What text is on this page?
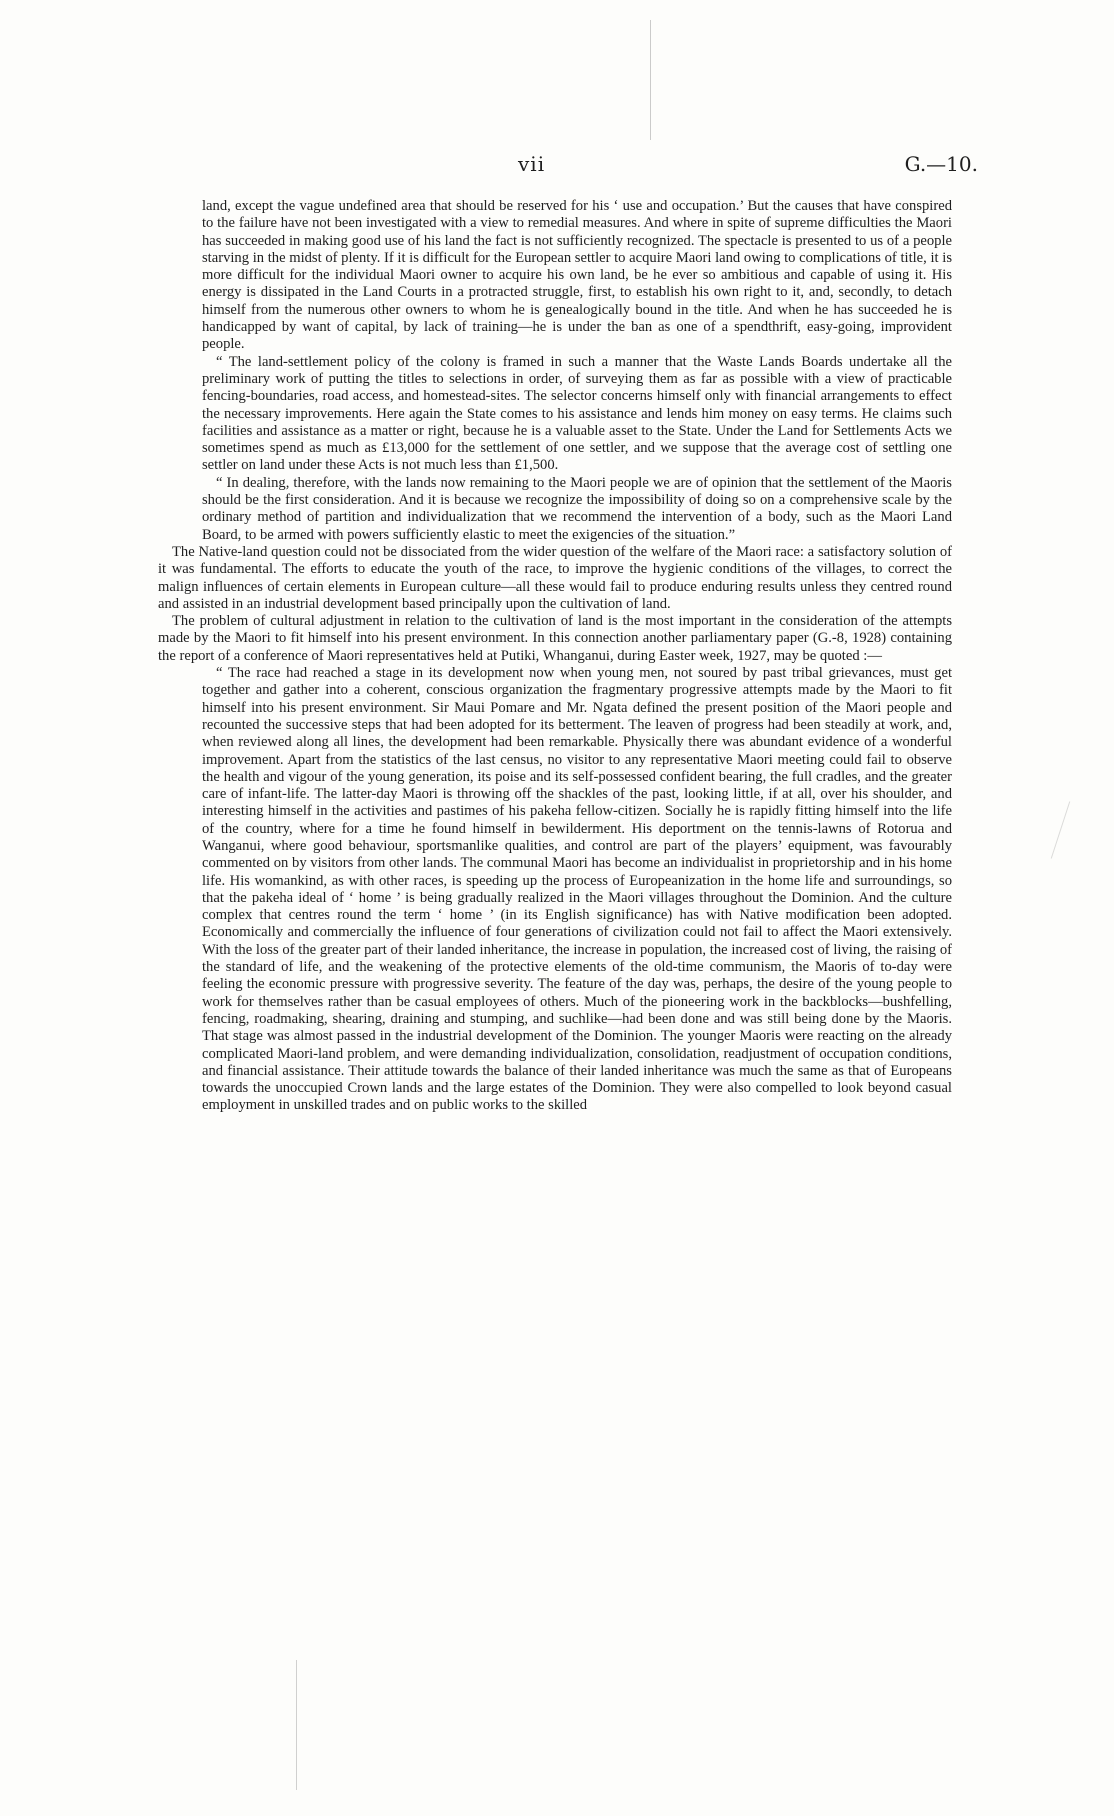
vii	G.—10.

land, except the vague undefined area that should be reserved for his ‘ use and occupation.’ But the causes that have conspired to the failure have not been investigated with a view to remedial measures. And where in spite of supreme difficulties the Maori has succeeded in making good use of his land the fact is not sufficiently recognized. The spectacle is presented to us of a people starving in the midst of plenty. If it is difficult for the European settler to acquire Maori land owing to complications of title, it is more difficult for the individual Maori owner to acquire his own land, be he ever so ambitious and capable of using it. His energy is dissipated in the Land Courts in a protracted struggle, first, to establish his own right to it, and, secondly, to detach himself from the numerous other owners to whom he is genealogically bound in the title. And when he has succeeded he is handicapped by want of capital, by lack of training—he is under the ban as one of a spendthrift, easy-going, improvident people.

“ The land-settlement policy of the colony is framed in such a manner that the Waste Lands Boards undertake all the preliminary work of putting the titles to selections in order, of surveying them as far as possible with a view of practicable fencing-boundaries, road access, and homestead-sites. The selector concerns himself only with financial arrangements to effect the necessary improvements. Here again the State comes to his assistance and lends him money on easy terms. He claims such facilities and assistance as a matter or right, because he is a valuable asset to the State. Under the Land for Settlements Acts we sometimes spend as much as £13,000 for the settlement of one settler, and we suppose that the average cost of settling one settler on land under these Acts is not much less than £1,500.

“ In dealing, therefore, with the lands now remaining to the Maori people we are of opinion that the settlement of the Maoris should be the first consideration. And it is because we recognize the impossibility of doing so on a comprehensive scale by the ordinary method of partition and individualization that we recommend the intervention of a body, such as the Maori Land Board, to be armed with powers sufficiently elastic to meet the exigencies of the situation.”

The Native-land question could not be dissociated from the wider question of the welfare of the Maori race: a satisfactory solution of it was fundamental. The efforts to educate the youth of the race, to improve the hygienic conditions of the villages, to correct the malign influences of certain elements in European culture—all these would fail to produce enduring results unless they centred round and assisted in an industrial development based principally upon the cultivation of land.

The problem of cultural adjustment in relation to the cultivation of land is the most important in the consideration of the attempts made by the Maori to fit himself into his present environment. In this connection another parliamentary paper (G.-8, 1928) containing the report of a conference of Maori representatives held at Putiki, Whanganui, during Easter week, 1927, may be quoted :—

“ The race had reached a stage in its development now when young men, not soured by past tribal grievances, must get together and gather into a coherent, conscious organization the fragmentary progressive attempts made by the Maori to fit himself into his present environment. Sir Maui Pomare and Mr. Ngata defined the present position of the Maori people and recounted the successive steps that had been adopted for its betterment. The leaven of progress had been steadily at work, and, when reviewed along all lines, the development had been remarkable. Physically there was abundant evidence of a wonderful improvement. Apart from the statistics of the last census, no visitor to any representative Maori meeting could fail to observe the health and vigour of the young generation, its poise and its self-possessed confident bearing, the full cradles, and the greater care of infant-life. The latter-day Maori is throwing off the shackles of the past, looking little, if at all, over his shoulder, and interesting himself in the activities and pastimes of his pakeha fellow-citizen. Socially he is rapidly fitting himself into the life of the country, where for a time he found himself in bewilderment. His deportment on the tennis-lawns of Rotorua and Wanganui, where good behaviour, sportsmanlike qualities, and control are part of the players’ equipment, was favourably commented on by visitors from other lands. The communal Maori has become an individualist in proprietorship and in his home life. His womankind, as with other races, is speeding up the process of Europeanization in the home life and surroundings, so that the pakeha ideal of ‘ home ’ is being gradually realized in the Maori villages throughout the Dominion. And the culture complex that centres round the term ‘ home ’ (in its English significance) has with Native modification been adopted. Economically and commercially the influence of four generations of civilization could not fail to affect the Maori extensively. With the loss of the greater part of their landed inheritance, the increase in population, the increased cost of living, the raising of the standard of life, and the weakening of the protective elements of the old-time communism, the Maoris of to-day were feeling the economic pressure with progressive severity. The feature of the day was, perhaps, the desire of the young people to work for themselves rather than be casual employees of others. Much of the pioneering work in the backblocks—bushfelling, fencing, roadmaking, shearing, draining and stumping, and suchlike—had been done and was still being done by the Maoris. That stage was almost passed in the industrial development of the Dominion. The younger Maoris were reacting on the already complicated Maori-land problem, and were demanding individualization, consolidation, readjustment of occupation conditions, and financial assistance. Their attitude towards the balance of their landed inheritance was much the same as that of Europeans towards the unoccupied Crown lands and the large estates of the Dominion. They were also compelled to look beyond casual employment in unskilled trades and on public works to the skilled
